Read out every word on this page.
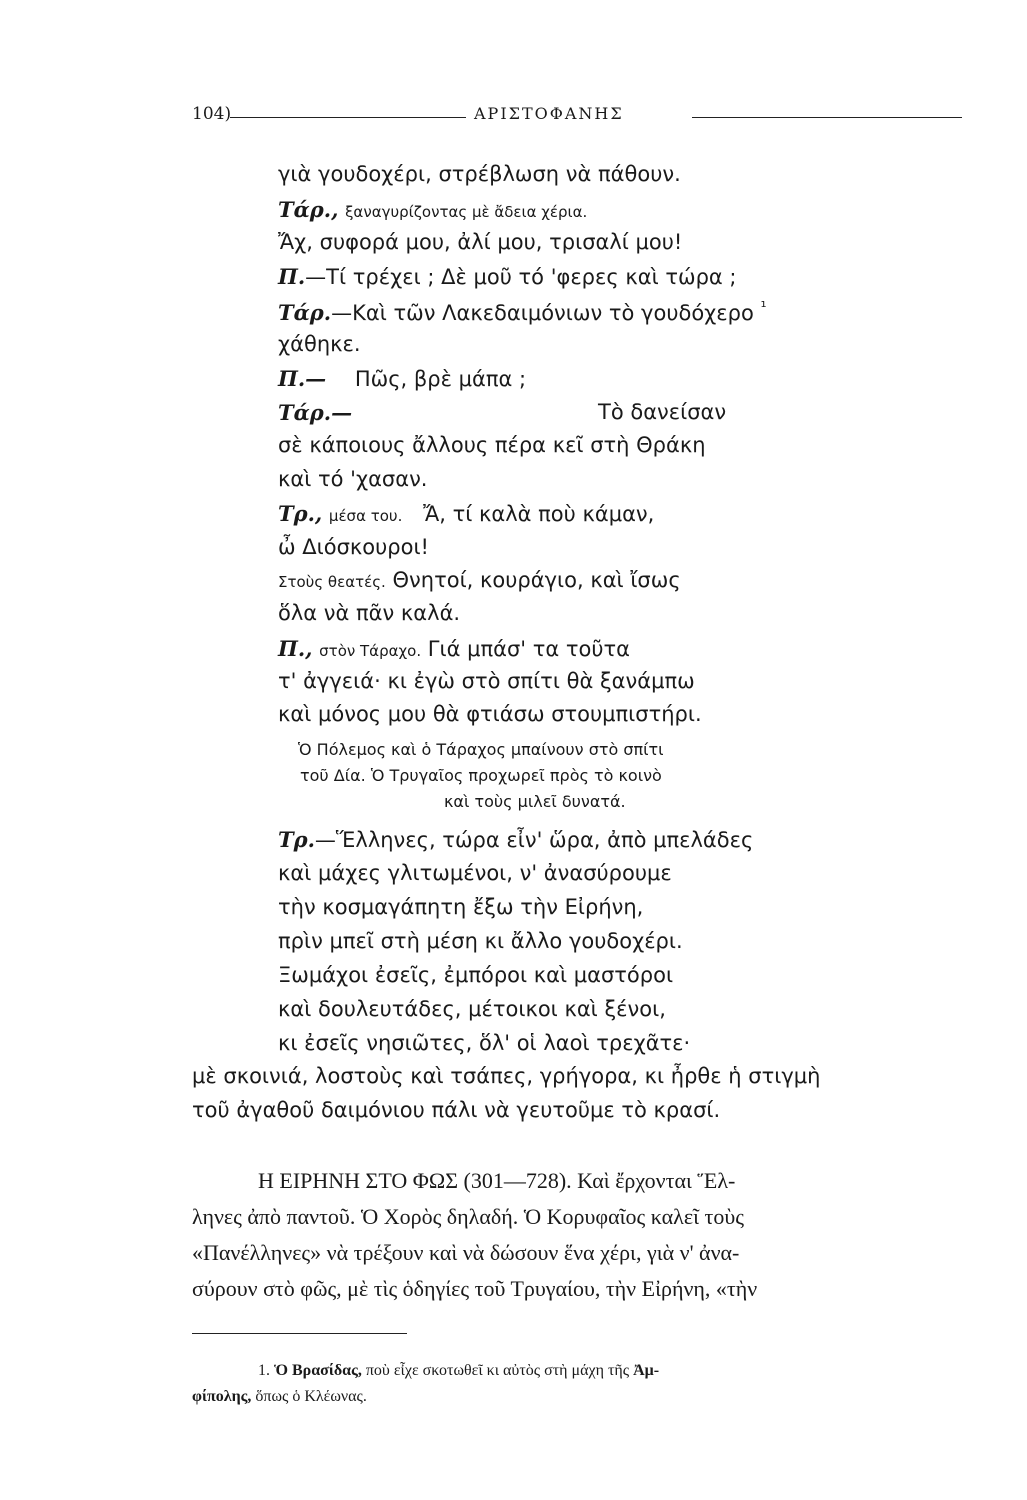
104)	ΑΡΙΣΤΟΦΑΝΗΣ
γιὰ γουδοχέρι, στρέβλωση νὰ πάθουν.
Τάρ., ξαναγυρίζοντας μὲ ἄδεια χέρια.
Ἄχ, συφορά μου, ἀλί μου, τρισαλί μου!
Π.—Τί τρέχει ; Δὲ μοῦ τό 'φερες καὶ τώρα ;
Τάρ.—Καὶ τῶν Λακεδαιμόνιων τὸ γουδόχερο $^{^1}$
χάθηκε.
Π.— Πῶς, βρὲ μάπα ;
Τάρ.—	Τὸ δανείσαν
σὲ κάποιους ἄλλους πέρα κεῖ στὴ Θράκη
καὶ τό 'χασαν.
Τρ., μέσα του. Ἄ, τί καλὰ ποὺ κάμαν,
ὦ Διόσκουροι!
Στοὺς θεατές. Θνητοί, κουράγιο, καὶ ἴσως
ὅλα νὰ πᾶν καλά.
Π., στὸν Τάραχο. Γιά μπάσ' τα τοῦτα
τ' ἀγγειά· κι ἐγὼ στὸ σπίτι θὰ ξανάμπω
καὶ μόνος μου θὰ φτιάσω στουμπιστήρι.
Ὁ Πόλεμος καὶ ὁ Τάραχος μπαίνουν στὸ σπίτι
τοῦ Δία. Ὁ Τρυγαῖος προχωρεῖ πρὸς τὸ κοινὸ
καὶ τοὺς μιλεῖ δυνατά.
Τρ.—Ἕλληνες, τώρα εἶν' ὥρα, ἀπὸ μπελάδες
καὶ μάχες γλιτωμένοι, ν' ἀνασύρουμε
τὴν κοσμαγάπητη ἔξω τὴν Εἰρήνη,
πρὶν μπεῖ στὴ μέση κι ἄλλο γουδοχέρι.
Ξωμάχοι ἐσεῖς, ἐμπόροι καὶ μαστόροι
καὶ δουλευτάδες, μέτοικοι καὶ ξένοι,
κι ἐσεῖς νησιῶτες, ὅλ' οἱ λαοὶ τρεχᾶτε·
μὲ σκοινιά, λοστοὺς καὶ τσάπες, γρήγορα, κι ἦρθε ἡ στιγμὴ
τοῦ ἀγαθοῦ δαιμόνιου πάλι νὰ γευτοῦμε τὸ κρασί.
Η ΕΙΡΗΝΗ ΣΤΟ ΦΩΣ (301—728). Καὶ ἔρχονται Ἕλ-
ληνες ἀπὸ παντοῦ. Ὁ Χορὸς δηλαδή. Ὁ Κορυφαῖος καλεῖ τοὺς
«Πανέλληνες» νὰ τρέξουν καὶ νὰ δώσουν ἕνα χέρι, γιὰ ν' ἀνα-
σύρουν στὸ φῶς, μὲ τὶς ὁδηγίες τοῦ Τρυγαίου, τὴν Εἰρήνη, «τὴν
1. Ὁ Βρασίδας, ποὺ εἶχε σκοτωθεῖ κι αὐτὸς στὴ μάχη τῆς Ἀμ-
φίπολης, ὅπως ὁ Κλέωνας.
